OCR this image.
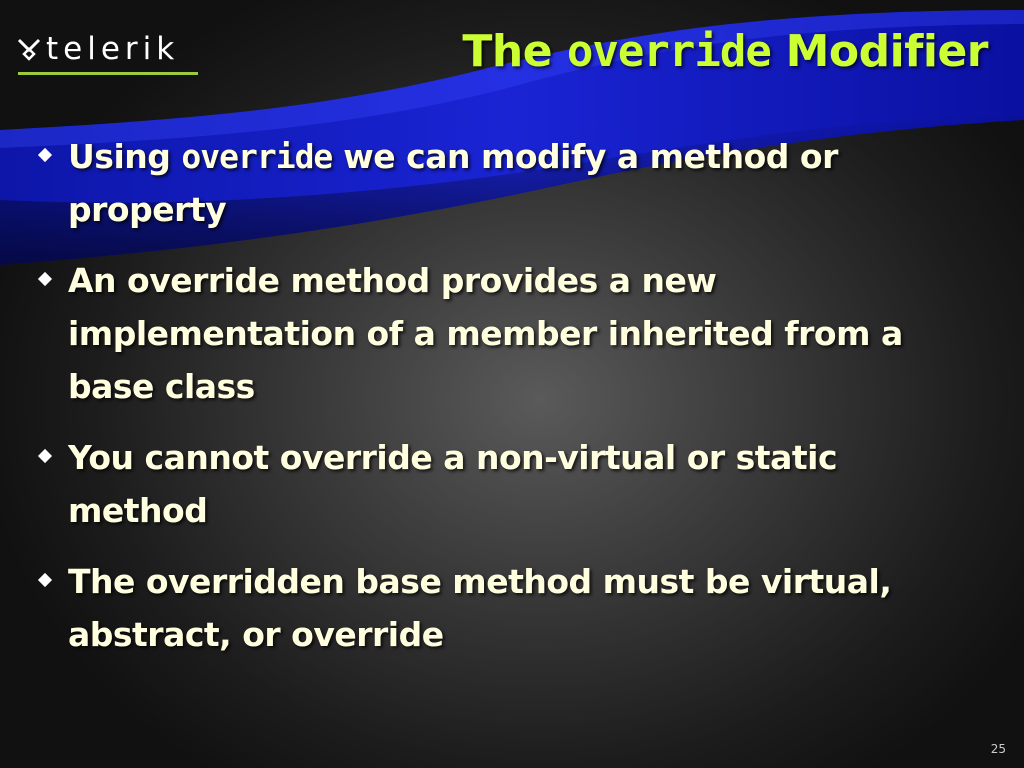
telerik	The override Modifier
Using override we can modify a method or property
An override method provides a new implementation of a member inherited from a base class
You cannot override a non-virtual or static method
The overridden base method must be virtual, abstract, or override
25
